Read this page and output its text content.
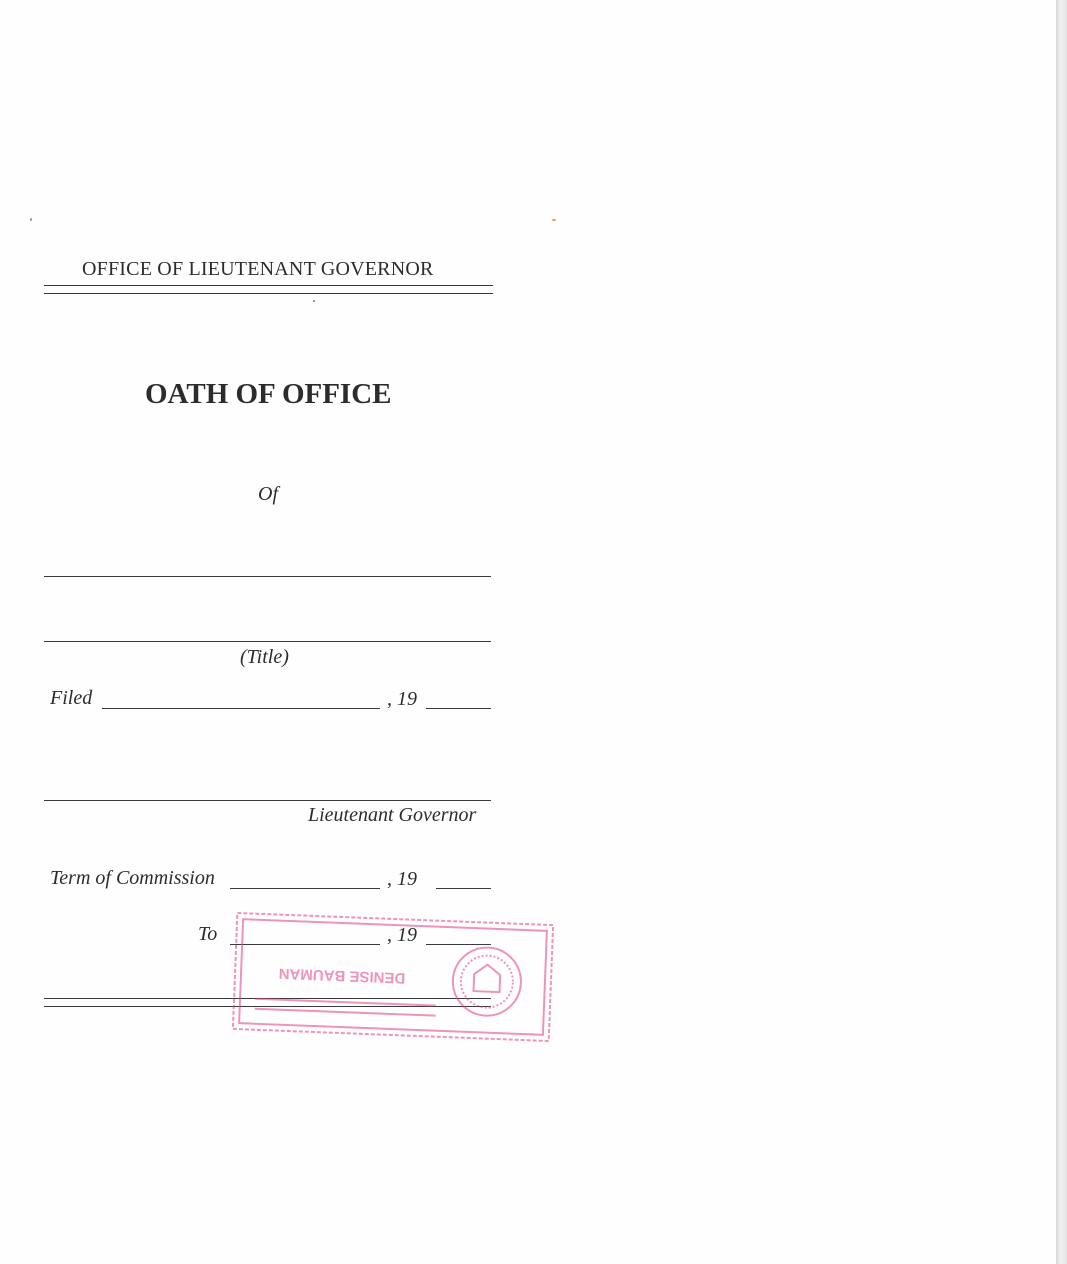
OFFICE OF LIEUTENANT GOVERNOR
OATH OF OFFICE
Of
(Title)
Filed	, 19
Lieutenant Governor
Term of Commission	, 19
To	, 19
DENISE BAUMAN
